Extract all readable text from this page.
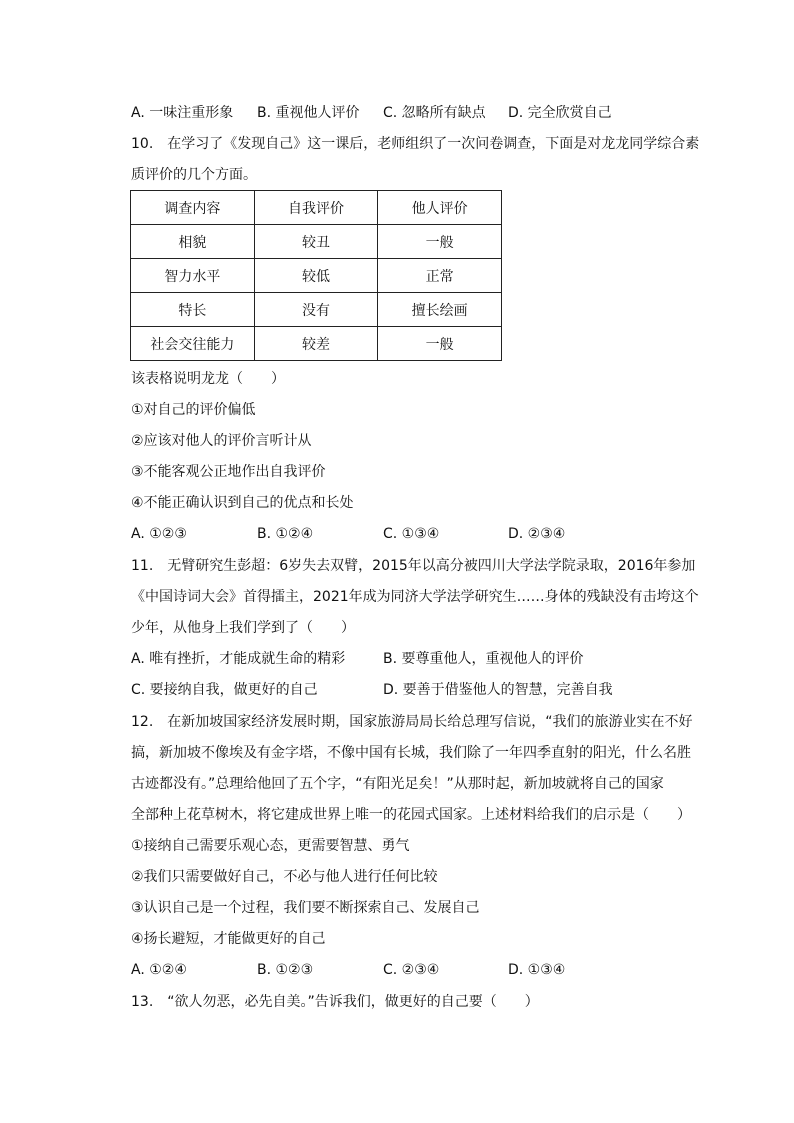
A. 一味注重形象 B. 重视他人评价 C. 忽略所有缺点 D. 完全欣赏自己
10.　在学习了《发现自己》这一课后，老师组织了一次问卷调查，下面是对龙龙同学综合素
质评价的几个方面。
调查内容	自我评价	他人评价
相貌	较丑	一般
智力水平	较低	正常
特长	没有	擅长绘画
社会交往能力	较差	一般
该表格说明龙龙（　　）
①对自己的评价偏低
②应该对他人的评价言听计从
③不能客观公正地作出自我评价
④不能正确认识到自己的优点和长处
A. ①②③	B. ①②④	C. ①③④	D. ②③④
11.　无臂研究生彭超：6岁失去双臂，2015年以高分被四川大学法学院录取，2016年参加
《中国诗词大会》首得擂主，2021年成为同济大学法学研究生……身体的残缺没有击垮这个
少年，从他身上我们学到了（　　）
A. 唯有挫折，才能成就生命的精彩	B. 要尊重他人，重视他人的评价
C. 要接纳自我，做更好的自己	D. 要善于借鉴他人的智慧，完善自我
12.　在新加坡国家经济发展时期，国家旅游局局长给总理写信说，“我们的旅游业实在不好
搞，新加坡不像埃及有金字塔，不像中国有长城，我们除了一年四季直射的阳光，什么名胜
古迹都没有。”总理给他回了五个字，“有阳光足矣！”从那时起，新加坡就将自己的国家
全部种上花草树木，将它建成世界上唯一的花园式国家。上述材料给我们的启示是（　　）
①接纳自己需要乐观心态，更需要智慧、勇气
②我们只需要做好自己，不必与他人进行任何比较
③认识自己是一个过程，我们要不断探索自己、发展自己
④扬长避短，才能做更好的自己
A. ①②④	B. ①②③	C. ②③④	D. ①③④
13.　“欲人勿恶，必先自美。”告诉我们，做更好的自己要（　　）
